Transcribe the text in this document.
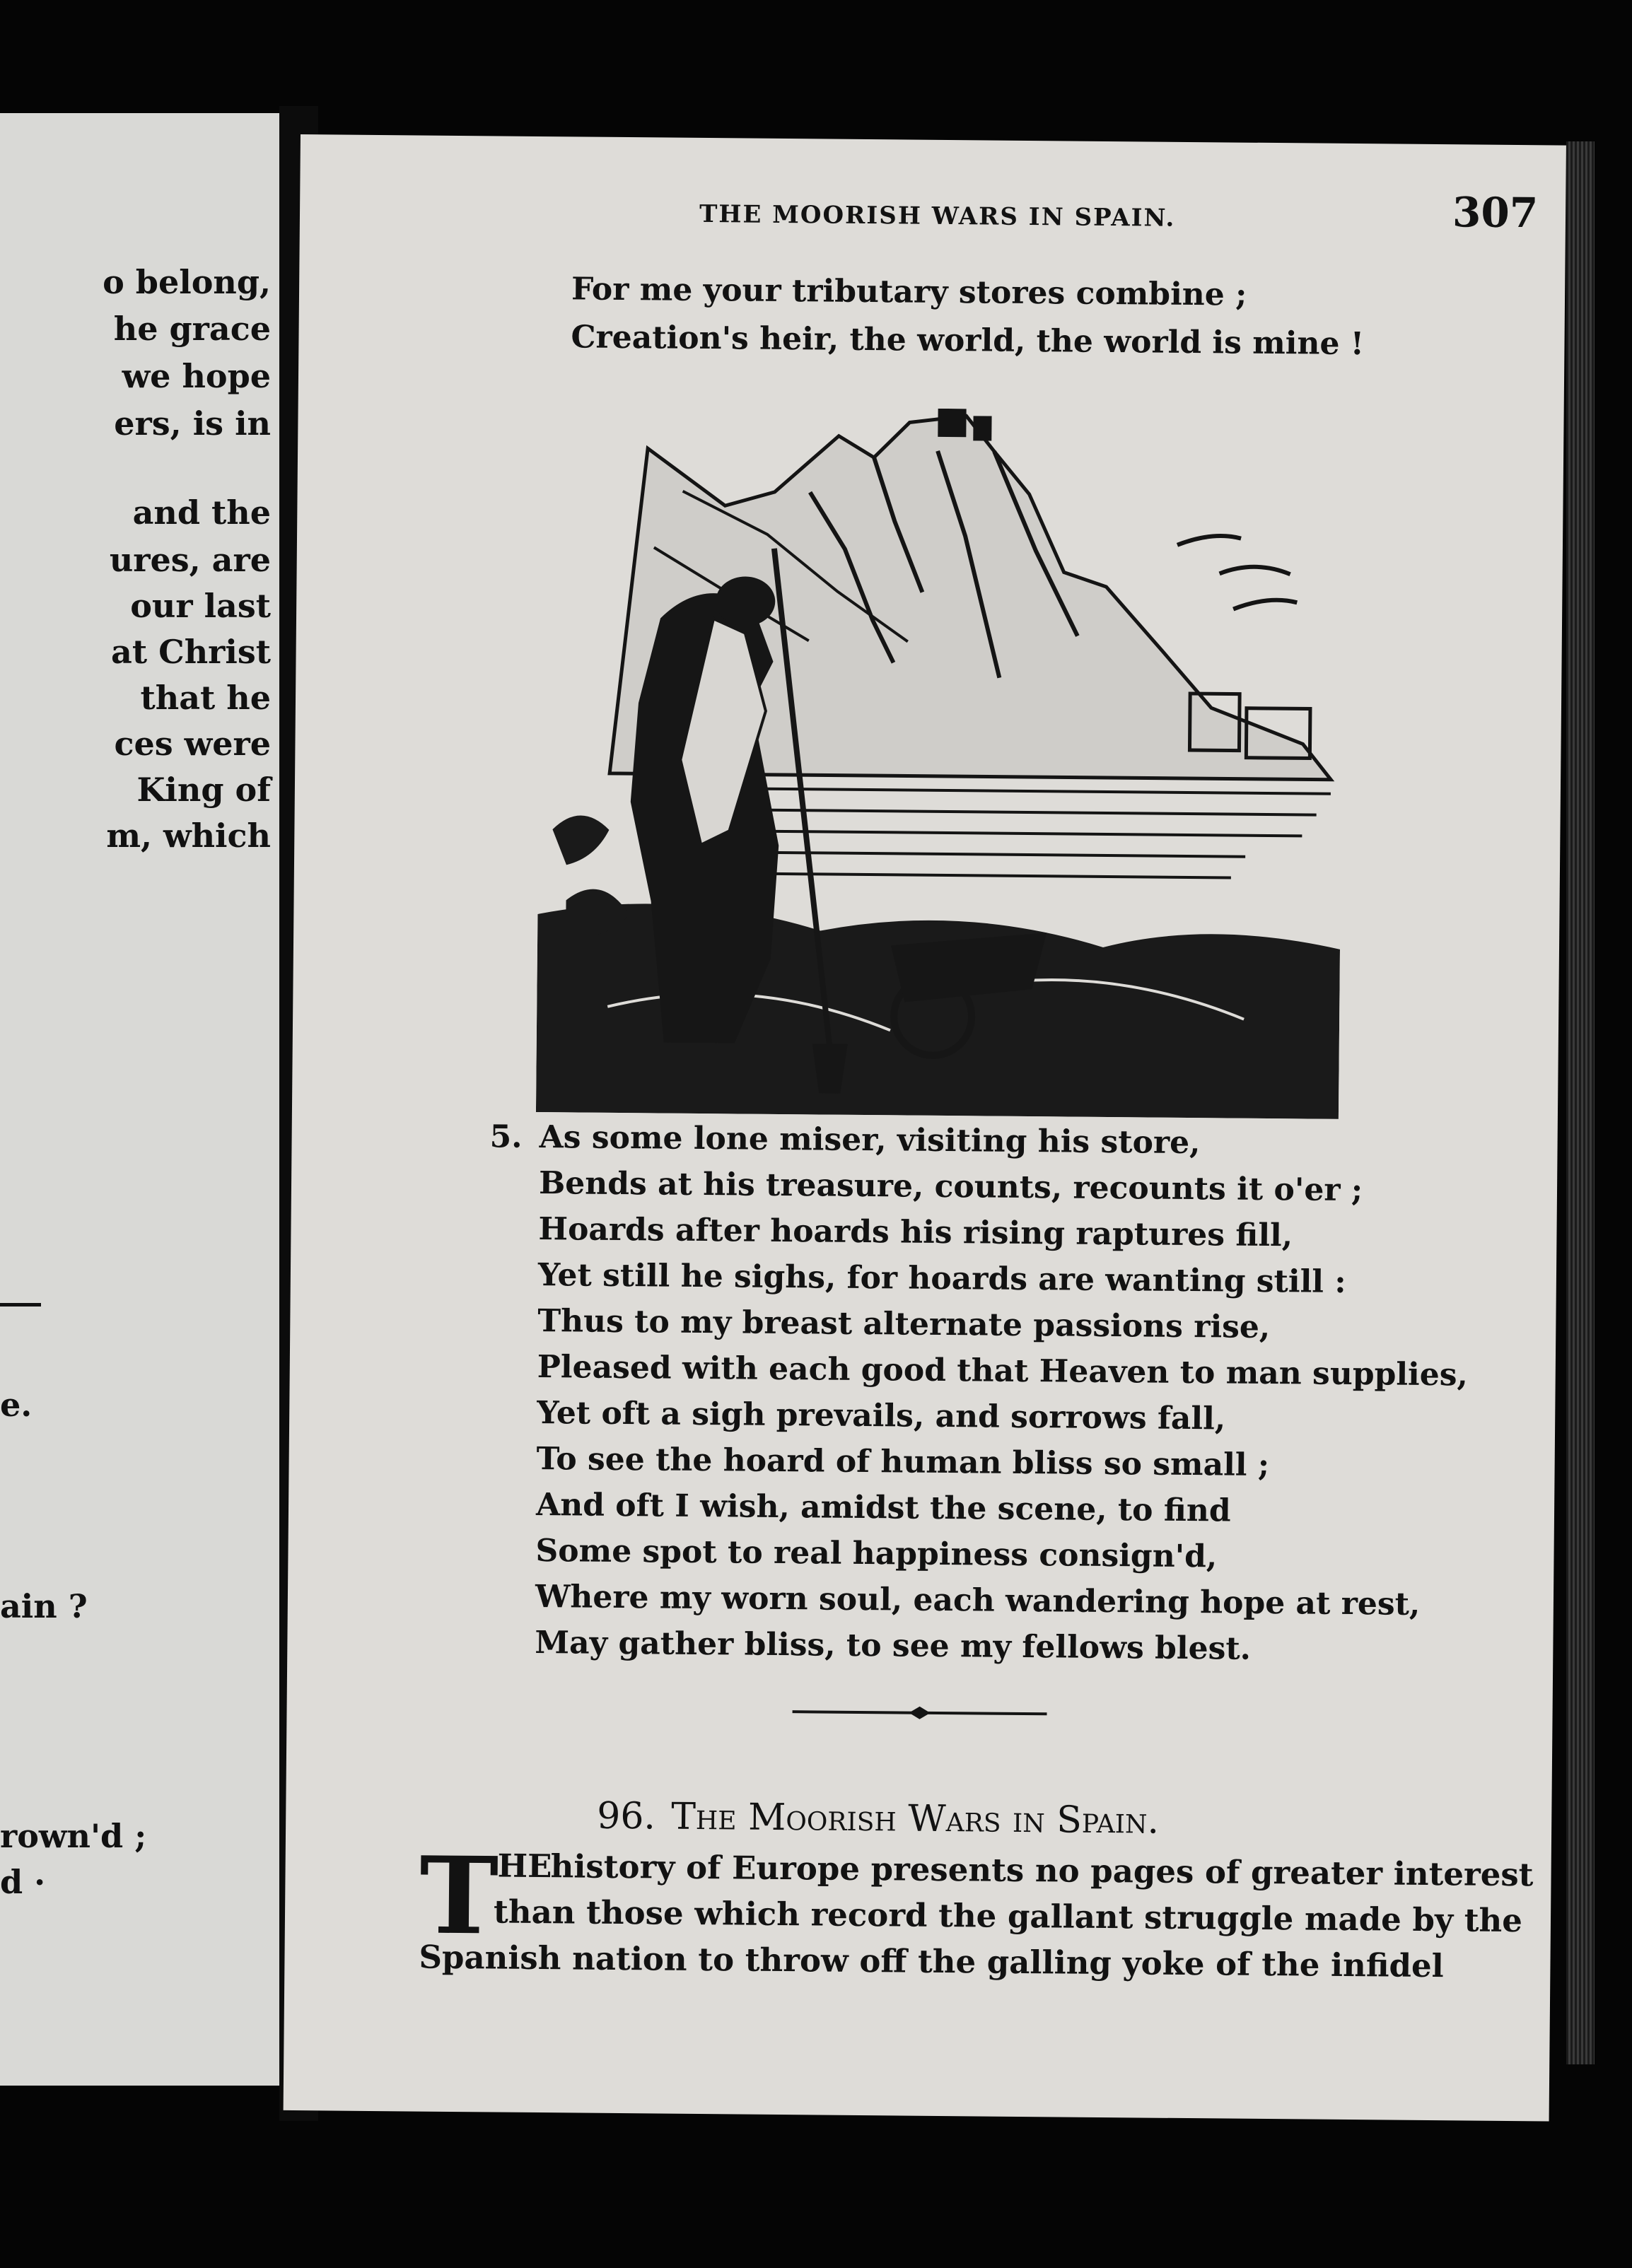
o belong,
he grace
we hope
ers, is in
and the
ures, are
our last
at Christ
that he
ces were
King of
m, which
e.
ain ?
rown'd ;
d ·
THE MOORISH WARS IN SPAIN.	307
For me your tributary stores combine ;
Creation's heir, the world, the world is mine !
5. As some lone miser, visiting his store,
Bends at his treasure, counts, recounts it o'er ;
Hoards after hoards his rising raptures fill,
Yet still he sighs, for hoards are wanting still :
Thus to my breast alternate passions rise,
Pleased with each good that Heaven to man supplies,
Yet oft a sigh prevails, and sorrows fall,
To see the hoard of human bliss so small ;
And oft I wish, amidst the scene, to find
Some spot to real happiness consign'd,
Where my worn soul, each wandering hope at rest,
May gather bliss, to see my fellows blest.
96. The Moorish Wars in Spain.
T
HE
history of Europe presents no pages of greater interest
than those which record the gallant struggle made by the
Spanish nation to throw off the galling yoke of the infidel
